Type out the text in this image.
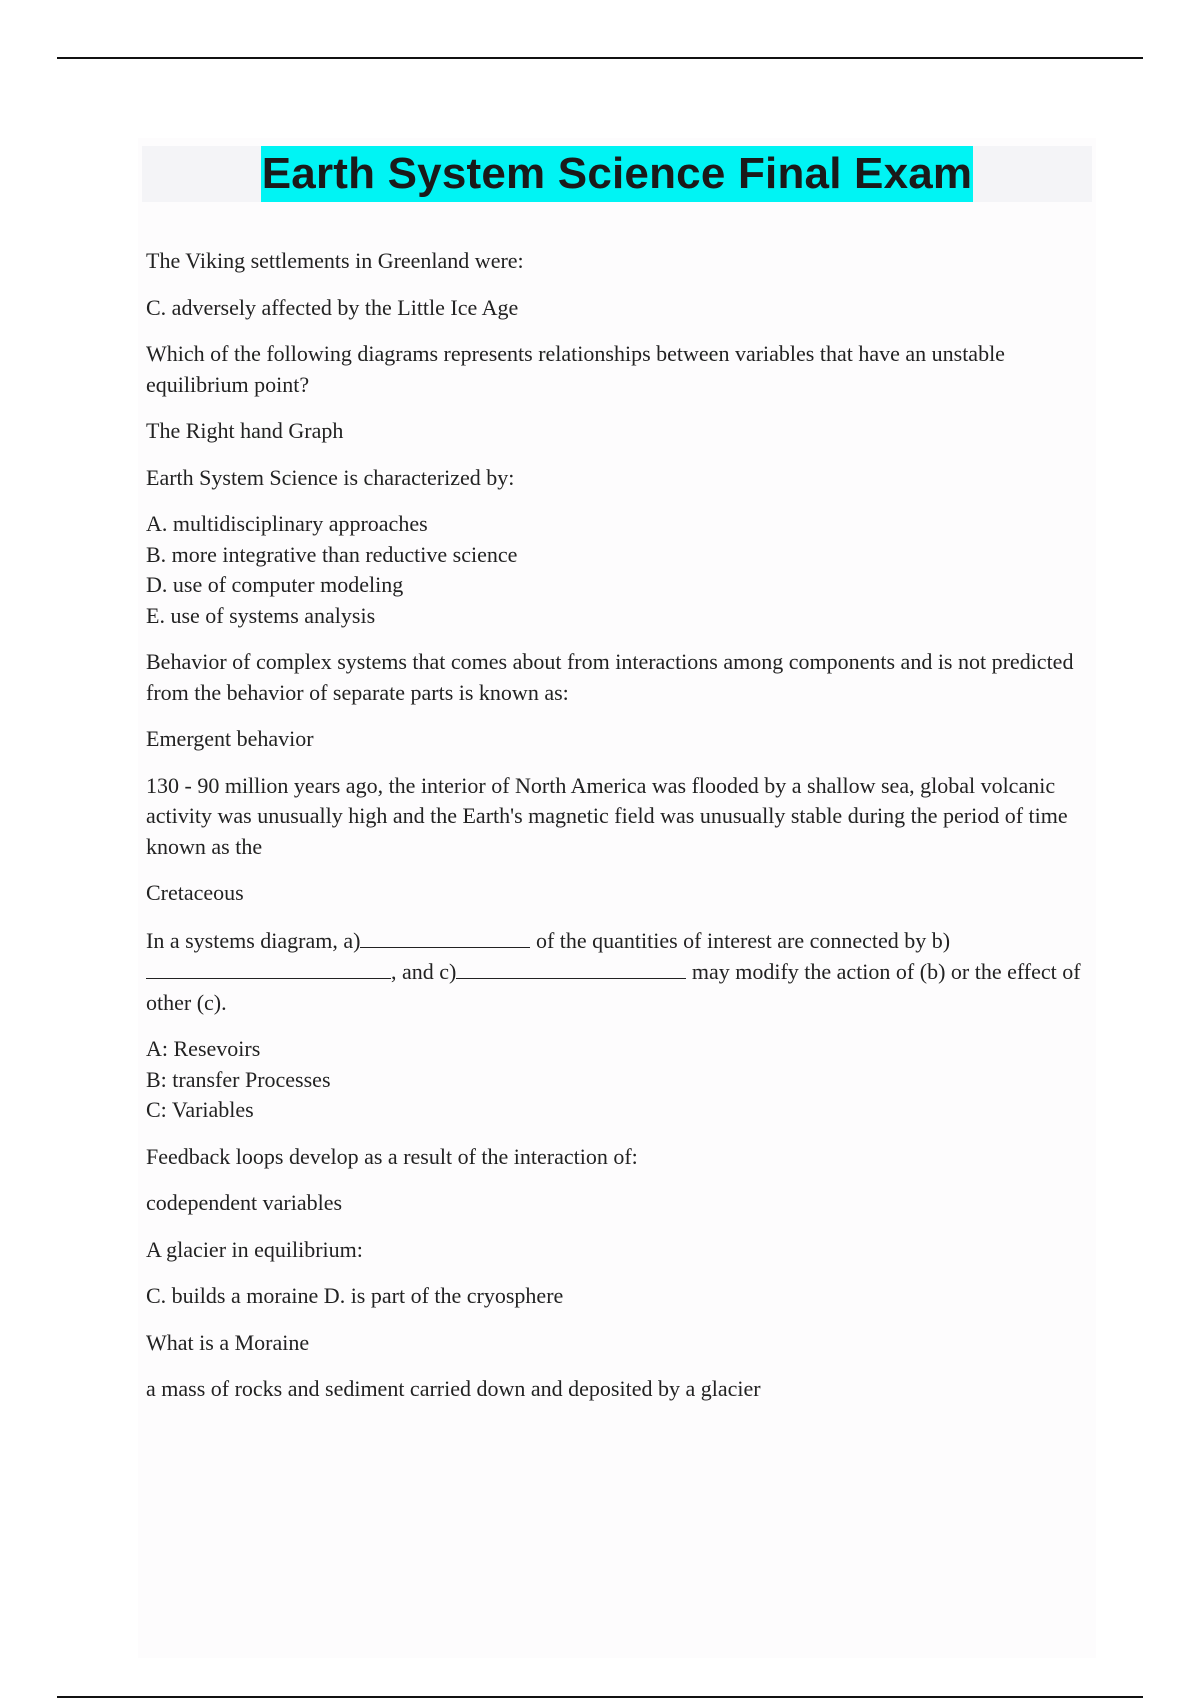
Earth System Science Final Exam

The Viking settlements in Greenland were:

C. adversely affected by the Little Ice Age

Which of the following diagrams represents relationships between variables that have an unstable equilibrium point?

The Right hand Graph

Earth System Science is characterized by:

A. multidisciplinary approaches
B. more integrative than reductive science
D. use of computer modeling
E. use of systems analysis

Behavior of complex systems that comes about from interactions among components and is not predicted from the behavior of separate parts is known as:

Emergent behavior

130 - 90 million years ago, the interior of North America was flooded by a shallow sea, global volcanic activity was unusually high and the Earth's magnetic field was unusually stable during the period of time known as the

Cretaceous

In a systems diagram, a)	of the quantities of interest are connected by b), and c)	may modify the action of (b) or the effect of other (c).

A: Resevoirs
B: transfer Processes
C: Variables

Feedback loops develop as a result of the interaction of:

codependent variables

A glacier in equilibrium:

C. builds a moraine D. is part of the cryosphere

What is a Moraine

a mass of rocks and sediment carried down and deposited by a glacier
